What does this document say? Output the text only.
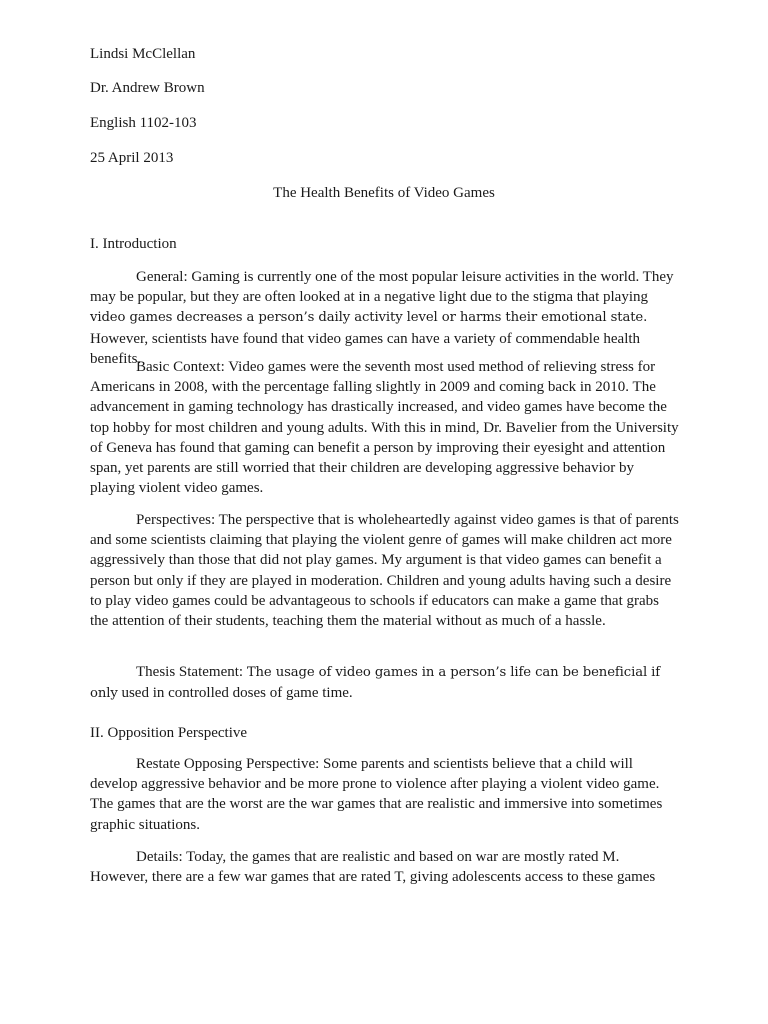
Lindsi McClellan
Dr. Andrew Brown
English 1102-103
25 April 2013
The Health Benefits of Video Games
I. Introduction

General: Gaming is currently one of the most popular leisure activities in the world. They may be popular, but they are often looked at in a negative light due to the stigma that playing video games decreases a person’s daily activity level or harms their emotional state. However, scientists have found that video games can have a variety of commendable health benefits.

Basic Context: Video games were the seventh most used method of relieving stress for Americans in 2008, with the percentage falling slightly in 2009 and coming back in 2010. The advancement in gaming technology has drastically increased, and video games have become the top hobby for most children and young adults. With this in mind, Dr. Bavelier from the University of Geneva has found that gaming can benefit a person by improving their eyesight and attention span, yet parents are still worried that their children are developing aggressive behavior by playing violent video games.

Perspectives: The perspective that is wholeheartedly against video games is that of parents and some scientists claiming that playing the violent genre of games will make children act more aggressively than those that did not play games. My argument is that video games can benefit a person but only if they are played in moderation. Children and young adults having such a desire to play video games could be advantageous to schools if educators can make a game that grabs the attention of their students, teaching them the material without as much of a hassle.

Thesis Statement: The usage of video games in a person’s life can be beneficial if only used in controlled doses of game time.

II. Opposition Perspective

Restate Opposing Perspective: Some parents and scientists believe that a child will develop aggressive behavior and be more prone to violence after playing a violent video game. The games that are the worst are the war games that are realistic and immersive into sometimes graphic situations.

Details: Today, the games that are realistic and based on war are mostly rated M. However, there are a few war games that are rated T, giving adolescents access to these games
